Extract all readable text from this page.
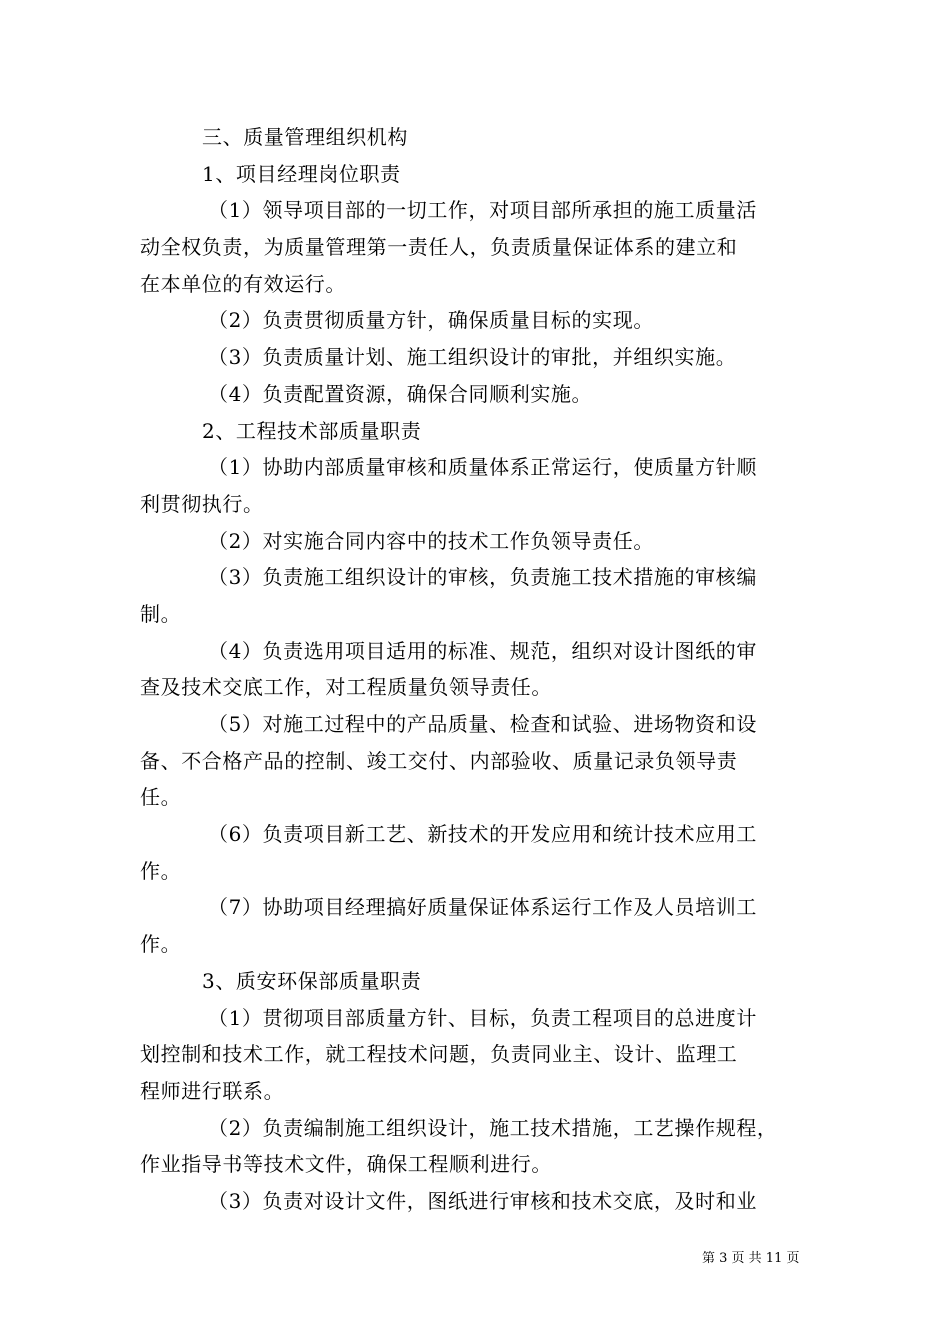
三、质量管理组织机构
1、项目经理岗位职责
（1）领导项目部的一切工作，对项目部所承担的施工质量活
动全权负责，为质量管理第一责任人，负责质量保证体系的建立和
在本单位的有效运行。
（2）负责贯彻质量方针，确保质量目标的实现。
（3）负责质量计划、施工组织设计的审批，并组织实施。
（4）负责配置资源，确保合同顺利实施。
2、工程技术部质量职责
（1）协助内部质量审核和质量体系正常运行，使质量方针顺
利贯彻执行。
（2）对实施合同内容中的技术工作负领导责任。
（3）负责施工组织设计的审核，负责施工技术措施的审核编
制。
（4）负责选用项目适用的标准、规范，组织对设计图纸的审
查及技术交底工作，对工程质量负领导责任。
（5）对施工过程中的产品质量、检查和试验、进场物资和设
备、不合格产品的控制、竣工交付、内部验收、质量记录负领导责
任。
（6）负责项目新工艺、新技术的开发应用和统计技术应用工
作。
（7）协助项目经理搞好质量保证体系运行工作及人员培训工
作。
3、质安环保部质量职责
（1）贯彻项目部质量方针、目标，负责工程项目的总进度计
划控制和技术工作，就工程技术问题，负责同业主、设计、监理工
程师进行联系。
（2）负责编制施工组织设计，施工技术措施，工艺操作规程，
作业指导书等技术文件，确保工程顺利进行。
（3）负责对设计文件，图纸进行审核和技术交底，及时和业
第 3 页 共 11 页
